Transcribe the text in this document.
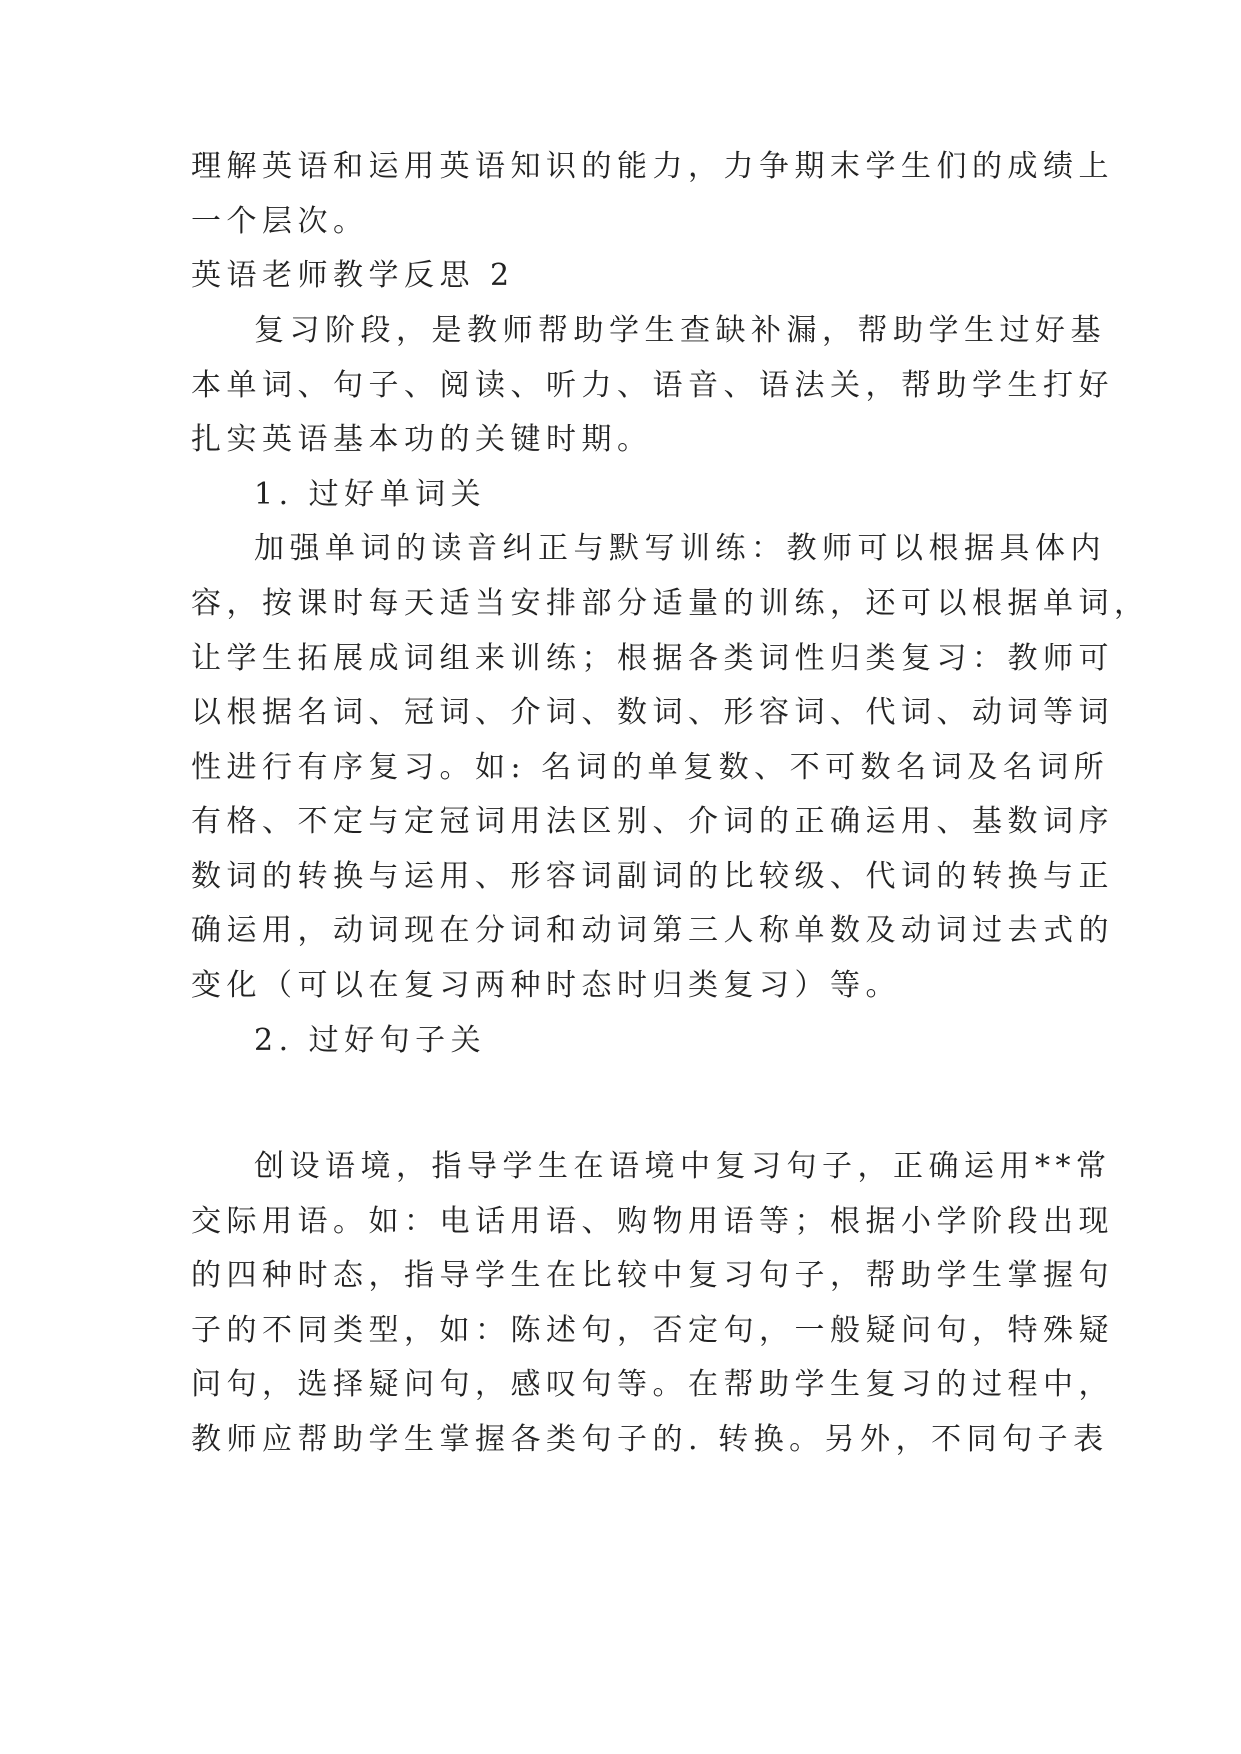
理解英语和运用英语知识的能力，力争期末学生们的成绩上

一个层次。

英语老师教学反思 2

复习阶段，是教师帮助学生查缺补漏，帮助学生过好基

本单词、句子、阅读、听力、语音、语法关，帮助学生打好

扎实英语基本功的关键时期。

1. 过好单词关

加强单词的读音纠正与默写训练：教师可以根据具体内

容，按课时每天适当安排部分适量的训练，还可以根据单词，

让学生拓展成词组来训练；根据各类词性归类复习：教师可

以根据名词、冠词、介词、数词、形容词、代词、动词等词

性进行有序复习。如: 名词的单复数、不可数名词及名词所

有格、不定与定冠词用法区别、介词的正确运用、基数词序

数词的转换与运用、形容词副词的比较级、代词的转换与正

确运用，动词现在分词和动词第三人称单数及动词过去式的

变化（可以在复习两种时态时归类复习）等。

2. 过好句子关

创设语境，指导学生在语境中复习句子，正确运用**常

交际用语。如：电话用语、购物用语等；根据小学阶段出现

的四种时态，指导学生在比较中复习句子，帮助学生掌握句

子的不同类型，如：陈述句，否定句，一般疑问句，特殊疑

问句，选择疑问句，感叹句等。在帮助学生复习的过程中，

教师应帮助学生掌握各类句子的. 转换。另外，不同句子表
